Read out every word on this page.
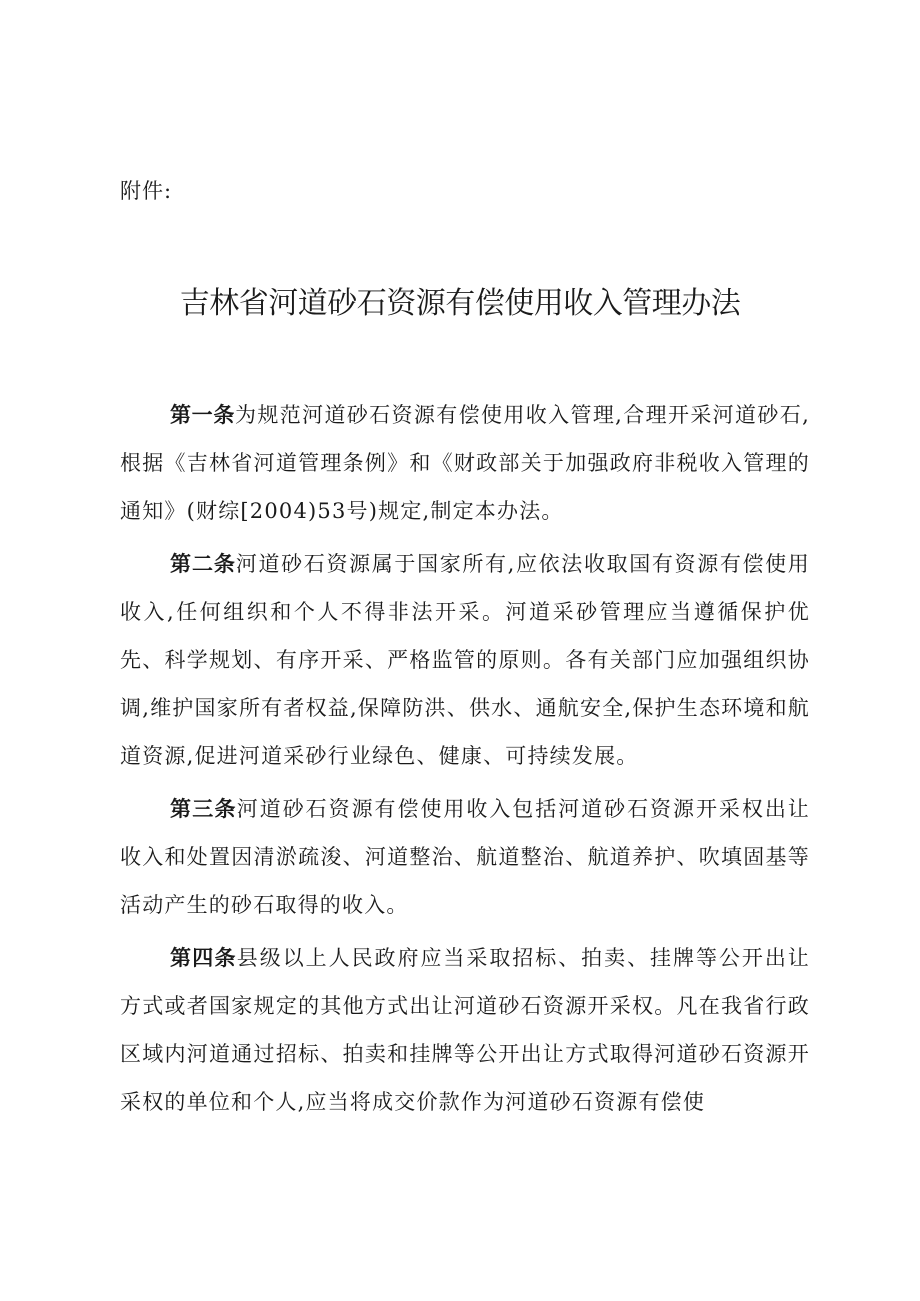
附件:
吉林省河道砂石资源有偿使用收入管理办法

第一条为规范河道砂石资源有偿使用收入管理,合理开采河道砂石,根据《吉林省河道管理条例》和《财政部关于加强政府非税收入管理的通知》(财综[2004)53号)规定,制定本办法。

第二条河道砂石资源属于国家所有,应依法收取国有资源有偿使用收入,任何组织和个人不得非法开采。河道采砂管理应当遵循保护优先、科学规划、有序开采、严格监管的原则。各有关部门应加强组织协调,维护国家所有者权益,保障防洪、供水、通航安全,保护生态环境和航道资源,促进河道采砂行业绿色、健康、可持续发展。

第三条河道砂石资源有偿使用收入包括河道砂石资源开采权出让收入和处置因清淤疏浚、河道整治、航道整治、航道养护、吹填固基等活动产生的砂石取得的收入。

第四条县级以上人民政府应当采取招标、拍卖、挂牌等公开出让方式或者国家规定的其他方式出让河道砂石资源开采权。凡在我省行政区域内河道通过招标、拍卖和挂牌等公开出让方式取得河道砂石资源开采权的单位和个人,应当将成交价款作为河道砂石资源有偿使
